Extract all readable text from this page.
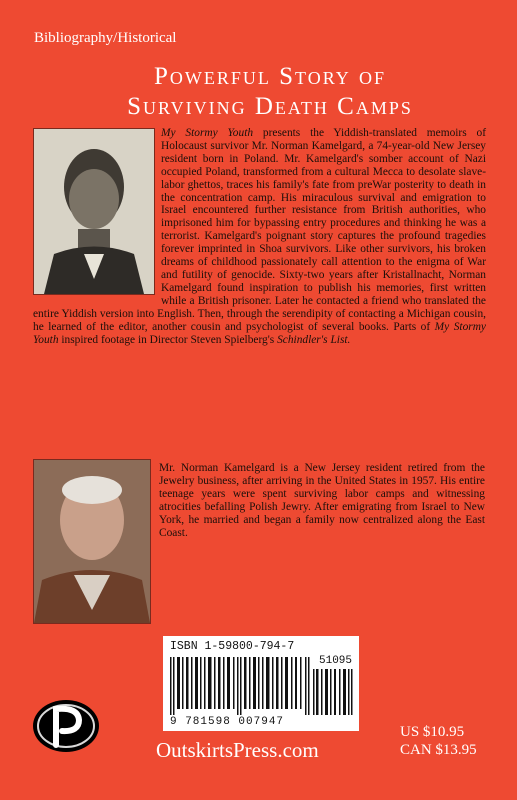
Bibliography/Historical
Powerful Story of
Surviving Death Camps
My Stormy Youth presents the Yiddish-translated memoirs of Holocaust survivor Mr. Norman Kamelgard, a 74-year-old New Jersey resident born in Poland. Mr. Kamelgard's somber account of Nazi occupied Poland, transformed from a cultural Mecca to desolate slave-labor ghettos, traces his family's fate from preWar posterity to death in the concentration camp. His miraculous survival and emigration to Israel encountered further resistance from British authorities, who imprisoned him for bypassing entry procedures and thinking he was a terrorist. Kamelgard's poignant story captures the profound tragedies forever imprinted in Shoa survivors. Like other survivors, his broken dreams of childhood passionately call attention to the enigma of War and futility of genocide. Sixty-two years after Kristallnacht, Norman Kamelgard found inspiration to publish his memories, first written while a British prisoner. Later he contacted a friend who translated the entire Yiddish version into English. Then, through the serendipity of contacting a Michigan cousin, he learned of the editor, another cousin and psychologist of several books. Parts of My Stormy Youth inspired footage in Director Steven Spielberg's Schindler's List.
Mr. Norman Kamelgard is a New Jersey resident retired from the Jewelry business, after arriving in the United States in 1957. His entire teenage years were spent surviving labor camps and witnessing atrocities befalling Polish Jewry. After emigrating from Israel to New York, he married and began a family now centralized along the East Coast.
ISBN 1-59800-794-7
51095
9 781598 007947
OutskirtsPress.com
US $10.95
CAN $13.95
